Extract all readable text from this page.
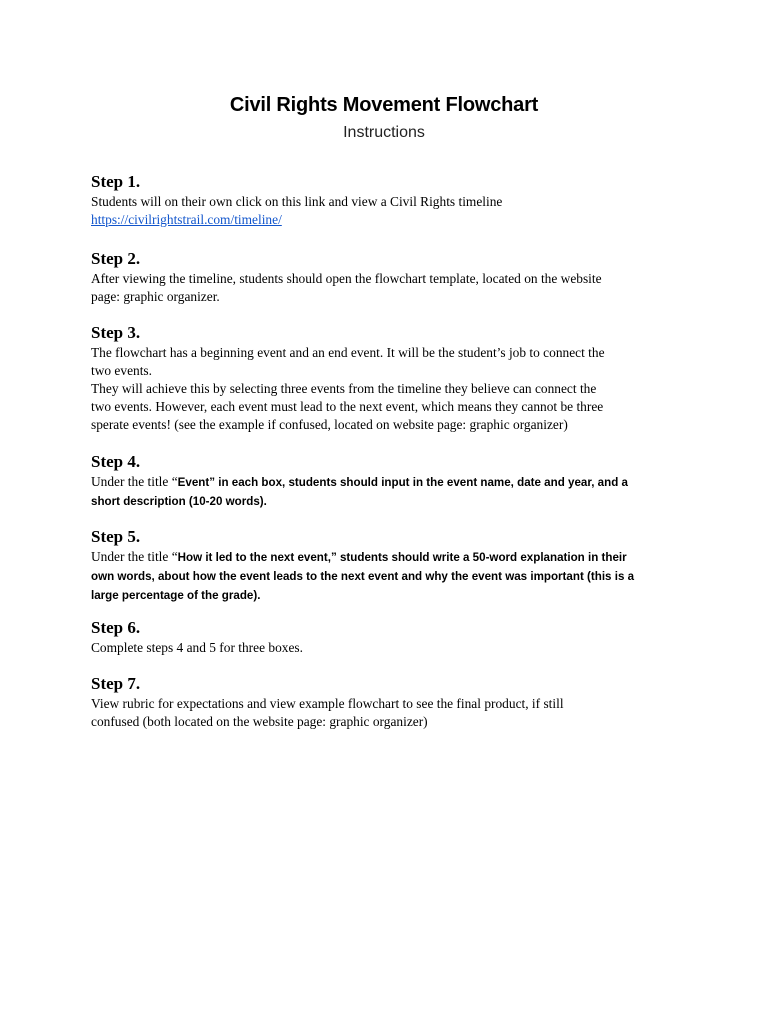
Civil Rights Movement Flowchart
Instructions
Step 1.
Students will on their own click on this link and view a Civil Rights timeline
https://civilrightstrail.com/timeline/
Step 2.
After viewing the timeline, students should open the flowchart template, located on the website
page: graphic organizer.
Step 3.
The flowchart has a beginning event and an end event. It will be the student’s job to connect the
two events.
They will achieve this by selecting three events from the timeline they believe can connect the
two events. However, each event must lead to the next event, which means they cannot be three
sperate events! (see the example if confused, located on website page: graphic organizer)
Step 4.
Under the title “Event” in each box, students should input in the event name, date and year, and a
short description (10-20 words).
Step 5.
Under the title “How it led to the next event,” students should write a 50-word explanation in their
own words, about how the event leads to the next event and why the event was important (this is a
large percentage of the grade).
Step 6.
Complete steps 4 and 5 for three boxes.
Step 7.
View rubric for expectations and view example flowchart to see the final product, if still
confused (both located on the website page: graphic organizer)
